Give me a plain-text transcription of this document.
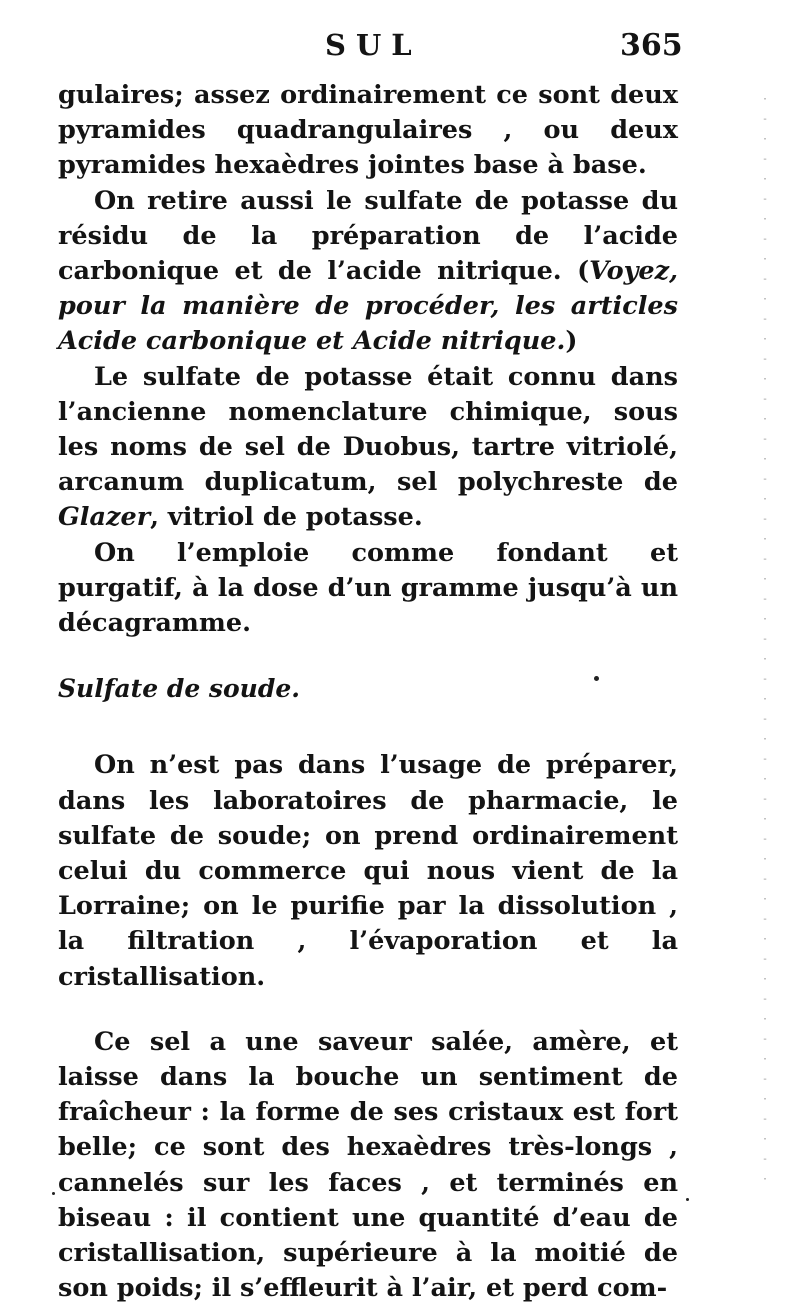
SUL	365

gulaires; assez ordinairement ce sont deux pyramides quadrangulaires , ou deux pyramides hexaèdres jointes base à base.

On retire aussi le sulfate de potasse du résidu de la préparation de l’acide carbonique et de l’acide nitrique. (Voyez, pour la manière de procéder, les articles Acide carbonique et Acide nitrique.)

Le sulfate de potasse était connu dans l’ancienne nomenclature chimique, sous les noms de sel de Duobus, tartre vitriolé, arcanum duplicatum, sel polychreste de Glazer, vitriol de potasse.

On l’emploie comme fondant et purgatif, à la dose d’un gramme jusqu’à un décagramme.

Sulfate de soude.

On n’est pas dans l’usage de préparer, dans les laboratoires de pharmacie, le sulfate de soude; on prend ordinairement celui du commerce qui nous vient de la Lorraine; on le purifie par la dissolution , la filtration , l’évaporation et la cristallisation.

Ce sel a une saveur salée, amère, et laisse dans la bouche un sentiment de fraîcheur : la forme de ses cristaux est fort belle; ce sont des hexaèdres très-longs , cannelés sur les faces , et terminés en biseau : il contient une quantité d’eau de cristallisation, supérieure à la moitié de son poids; il s’effleurit à l’air, et perd com-

·
-
·
-
·
-
·
-
·
-
·
-
·
-
·
-
·
-
·
-
·
-
·
-
·
-
·
-
·
-
·
-
·
-
·
-
·
-
·
-
·
-
·
-
·
-
·
-
·
-
·
-
·
-
·
